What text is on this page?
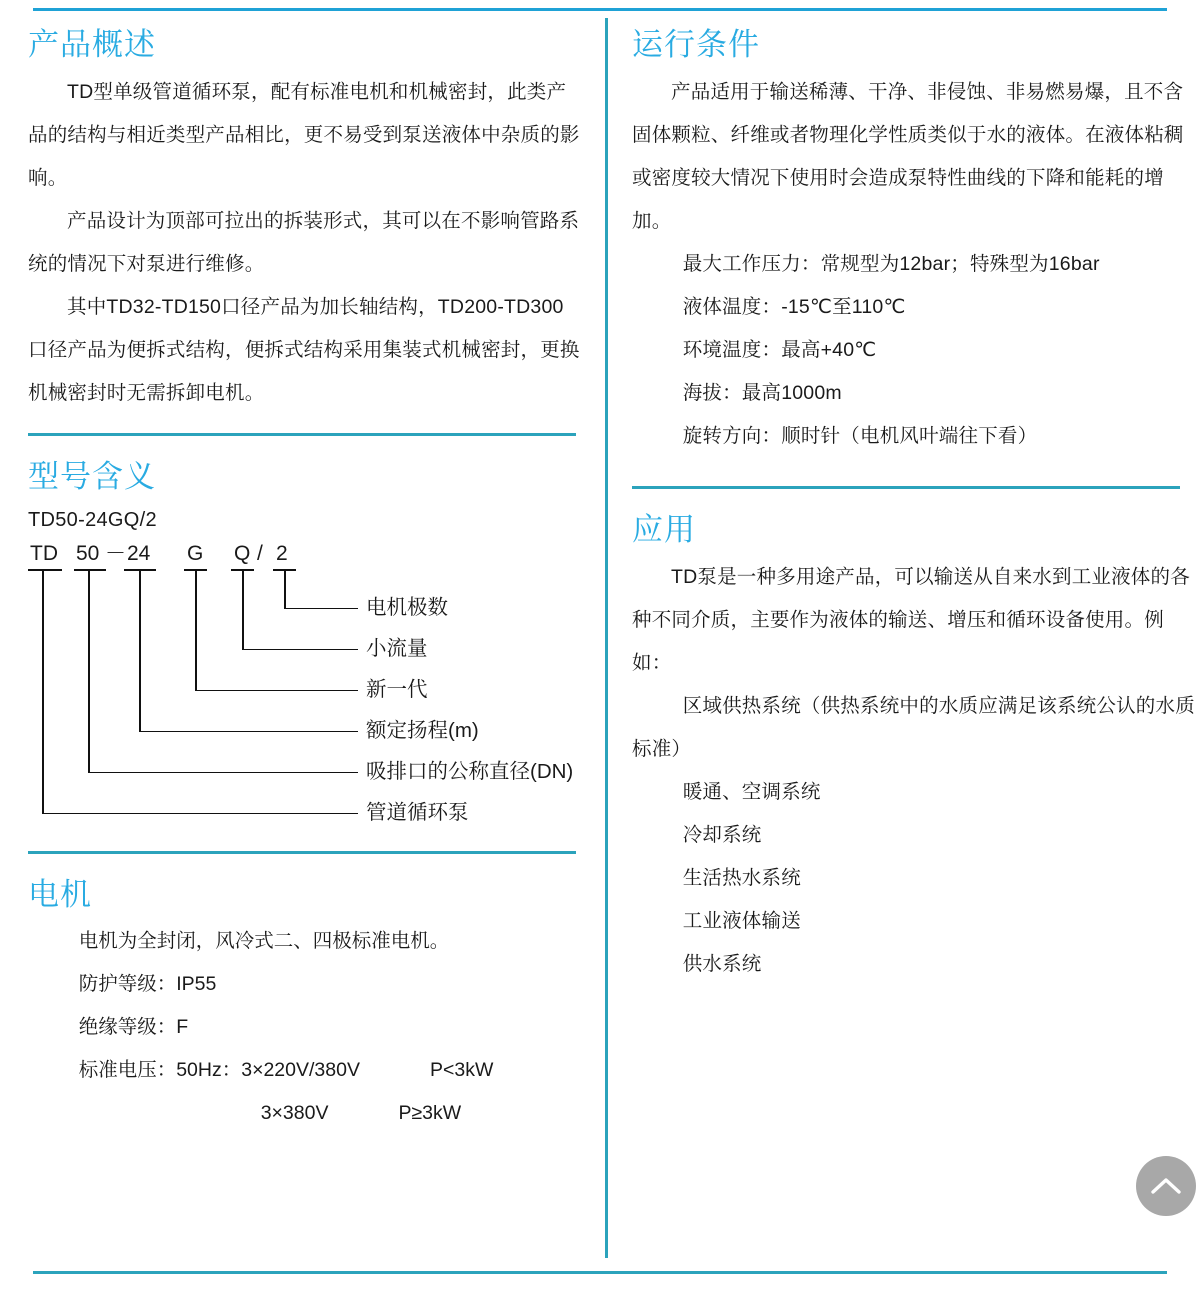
产品概述

TD型单级管道循环泵，配有标准电机和机械密封，此类产品的结构与相近类型产品相比，更不易受到泵送液体中杂质的影响。

产品设计为顶部可拉出的拆装形式，其可以在不影响管路系统的情况下对泵进行维修。

其中TD32-TD150口径产品为加长轴结构，TD200-TD300口径产品为便拆式结构，便拆式结构采用集装式机械密封，更换机械密封时无需拆卸电机。

型号含义
TD50-24GQ/2
TD 50 － 24 G Q / 2
电机极数
小流量
新一代
额定扬程(m)
吸排口的公称直径(DN)
管道循环泵
电机
电机为全封闭，风冷式二、四极标准电机。
防护等级：IP55
绝缘等级：F
标准电压：50Hz： 3×220V/380V	P<3kW
3×380V	P≥3kW
运行条件

产品适用于输送稀薄、干净、非侵蚀、非易燃易爆，且不含固体颗粒、纤维或者物理化学性质类似于水的液体。在液体粘稠或密度较大情况下使用时会造成泵特性曲线的下降和能耗的增加。

最大工作压力：常规型为12bar；特殊型为16bar
液体温度：-15℃至110℃
环境温度：最高+40℃
海拔：最高1000m
旋转方向：顺时针（电机风叶端往下看）
应用

TD泵是一种多用途产品，可以输送从自来水到工业液体的各种不同介质，主要作为液体的输送、增压和循环设备使用。例如：

区域供热系统（供热系统中的水质应满足该系统公认的水质标准）
暖通、空调系统
冷却系统
生活热水系统
工业液体输送
供水系统
